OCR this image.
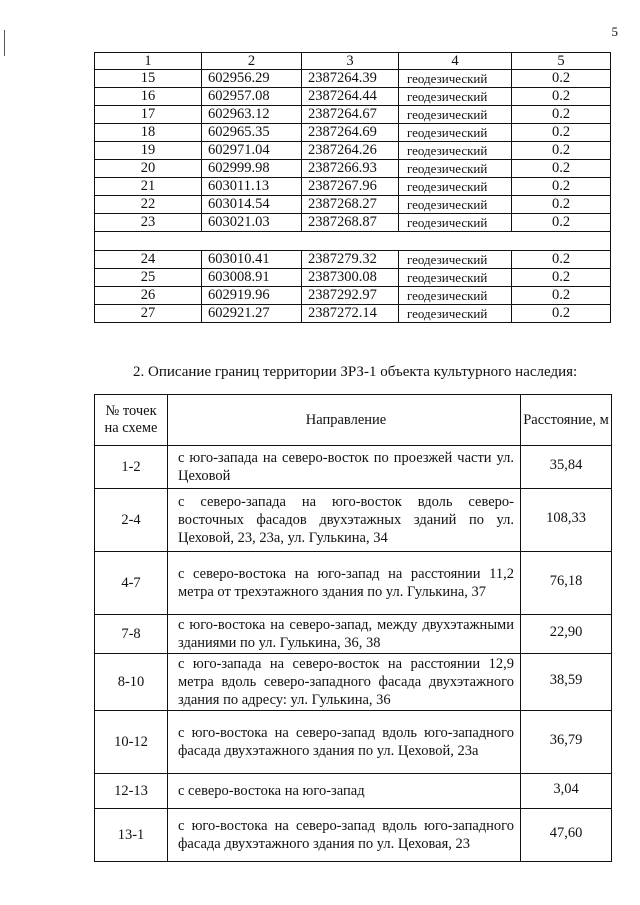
5
1	2	3	4	5
15	602956.29	2387264.39	геодезический	0.2
16	602957.08	2387264.44	геодезический	0.2
17	602963.12	2387264.67	геодезический	0.2
18	602965.35	2387264.69	геодезический	0.2
19	602971.04	2387264.26	геодезический	0.2
20	602999.98	2387266.93	геодезический	0.2
21	603011.13	2387267.96	геодезический	0.2
22	603014.54	2387268.27	геодезический	0.2
23	603021.03	2387268.87	геодезический	0.2

24	603010.41	2387279.32	геодезический	0.2
25	603008.91	2387300.08	геодезический	0.2
26	602919.96	2387292.97	геодезический	0.2
27	602921.27	2387272.14	геодезический	0.2
2. Описание границ территории ЗРЗ-1 объекта культурного наследия:
№ точек
на схеме	Направление	Расстояние, м
1-2	с юго-запада на северо-восток по проезжей части ул. Цеховой	35,84
2-4	с северо-запада на юго-восток вдоль северо-восточных фасадов двухэтажных зданий по ул. Цеховой, 23, 23а, ул. Гулькина, 34	108,33
4-7	с северо-востока на юго-запад на расстоянии 11,2 метра от трехэтажного здания по ул. Гулькина, 37	76,18
7-8	с юго-востока на северо-запад, между двухэтажными зданиями по ул. Гулькина, 36, 38	22,90
8-10	с юго-запада на северо-восток на расстоянии 12,9 метра вдоль северо-западного фасада двухэтажного здания по адресу: ул. Гулькина, 36	38,59
10-12	с юго-востока на северо-запад вдоль юго-западного фасада двухэтажного здания по ул. Цеховой, 23а	36,79
12-13	с северо-востока на юго-запад	3,04
13-1	с юго-востока на северо-запад вдоль юго-западного фасада двухэтажного здания по ул. Цеховая, 23	47,60
